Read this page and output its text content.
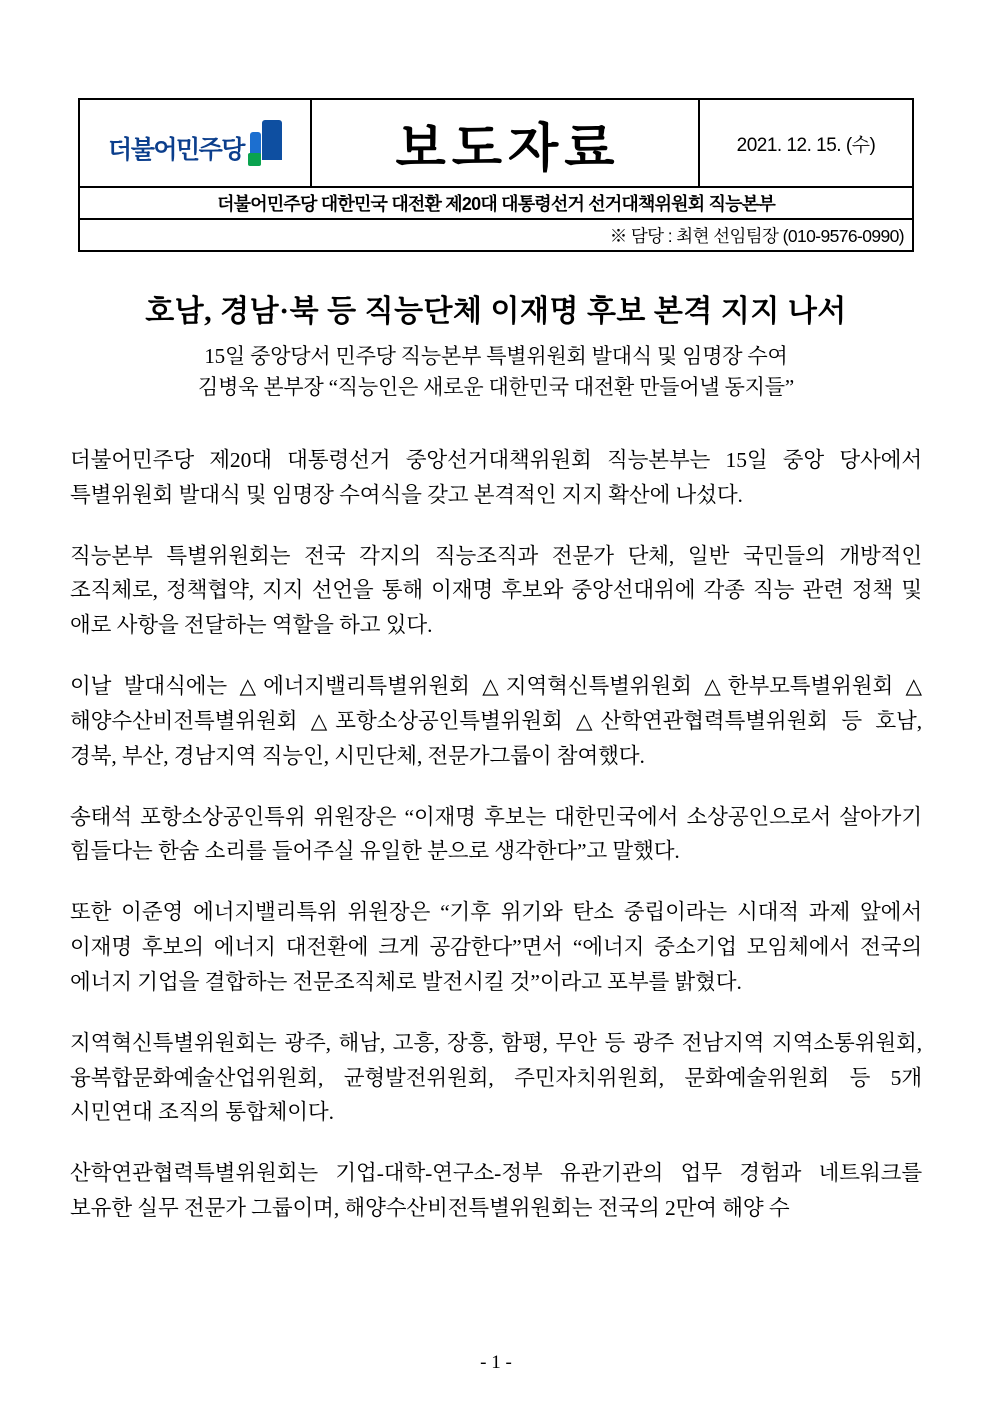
더불어민주당	보도자료	2021. 12. 15. (수)
더불어민주당 대한민국 대전환 제20대 대통령선거 선거대책위원회 직능본부
※ 담당 : 최현 선임팀장 (010-9576-0990)
호남, 경남·북 등 직능단체 이재명 후보 본격 지지 나서
15일 중앙당서 민주당 직능본부 특별위원회 발대식 및 임명장 수여
김병욱 본부장 “직능인은 새로운 대한민국 대전환 만들어낼 동지들”

더불어민주당 제20대 대통령선거 중앙선거대책위원회 직능본부는 15일 중앙 당사에서 특별위원회 발대식 및 임명장 수여식을 갖고 본격적인 지지 확산에 나섰다.

직능본부 특별위원회는 전국 각지의 직능조직과 전문가 단체, 일반 국민들의 개방적인 조직체로, 정책협약, 지지 선언을 통해 이재명 후보와 중앙선대위에 각종 직능 관련 정책 및 애로 사항을 전달하는 역할을 하고 있다.

이날 발대식에는 △에너지밸리특별위원회 △지역혁신특별위원회 △한부모특별위원회 △해양수산비전특별위원회 △포항소상공인특별위원회 △산학연관협력특별위원회 등 호남, 경북, 부산, 경남지역 직능인, 시민단체, 전문가그룹이 참여했다.

송태석 포항소상공인특위 위원장은 “이재명 후보는 대한민국에서 소상공인으로서 살아가기 힘들다는 한숨 소리를 들어주실 유일한 분으로 생각한다”고 말했다.

또한 이준영 에너지밸리특위 위원장은 “기후 위기와 탄소 중립이라는 시대적 과제 앞에서 이재명 후보의 에너지 대전환에 크게 공감한다”면서 “에너지 중소기업 모임체에서 전국의 에너지 기업을 결합하는 전문조직체로 발전시킬 것”이라고 포부를 밝혔다.

지역혁신특별위원회는 광주, 해남, 고흥, 장흥, 함평, 무안 등 광주 전남지역 지역소통위원회, 융복합문화예술산업위원회, 균형발전위원회, 주민자치위원회, 문화예술위원회 등 5개 시민연대 조직의 통합체이다.

산학연관협력특별위원회는 기업-대학-연구소-정부 유관기관의 업무 경험과 네트워크를 보유한 실무 전문가 그룹이며, 해양수산비전특별위원회는 전국의 2만여 해양 수

- 1 -
